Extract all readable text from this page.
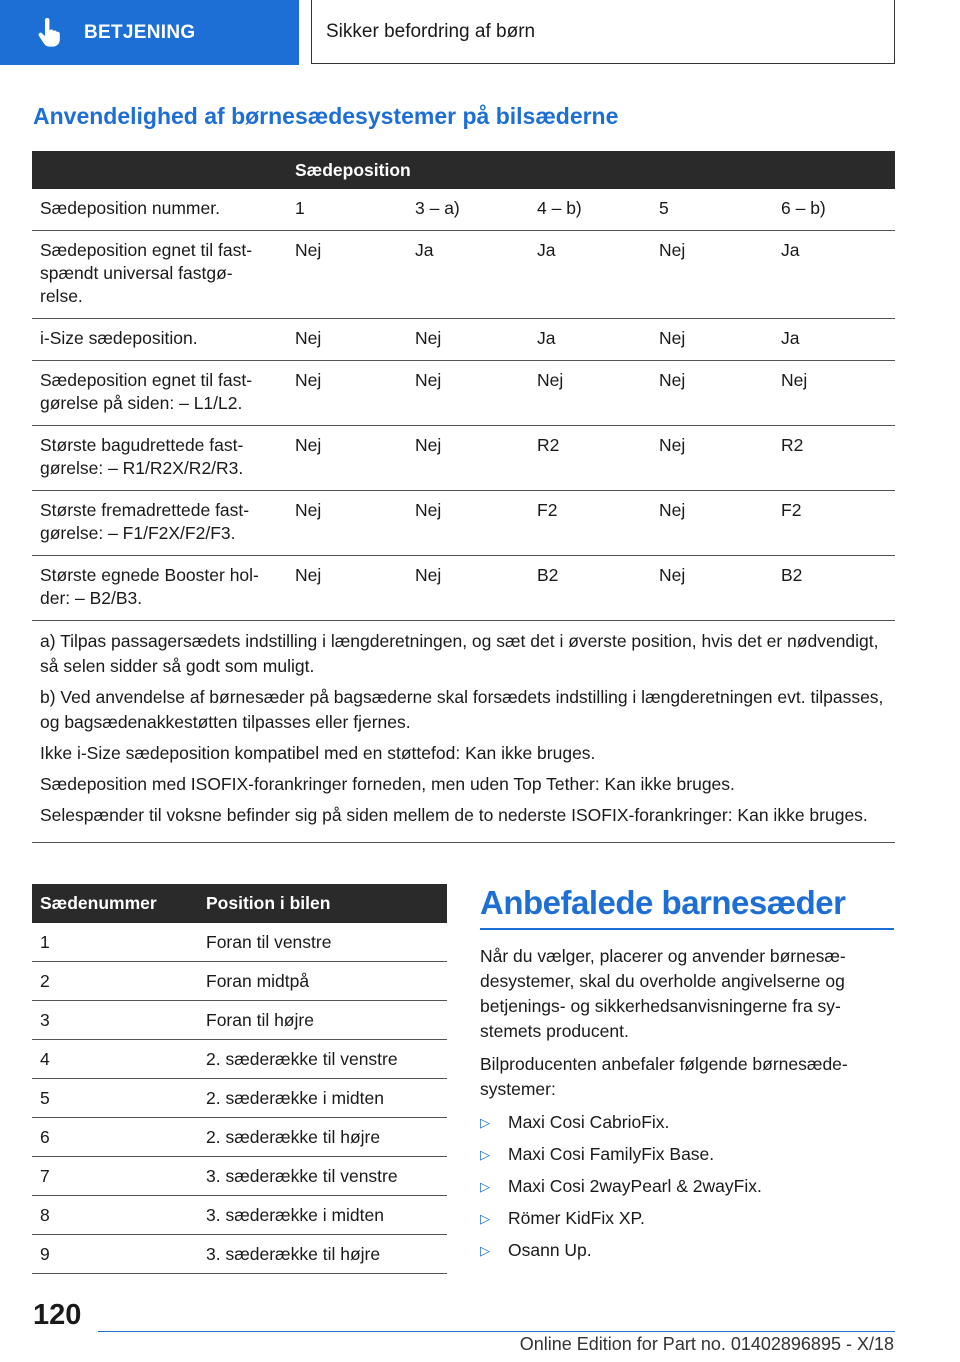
BETJENING	Sikker befordring af børn
Anvendelighed af børnesædesystemer på bilsæderne
	Sædeposition				
Sædeposition nummer.	1	3 – a)	4 – b)	5	6 – b)
Sædeposition egnet til fast-spændt universal fastgø-relse.	Nej	Ja	Ja	Nej	Ja
i-Size sædeposition.	Nej	Nej	Ja	Nej	Ja
Sædeposition egnet til fast-gørelse på siden: – L1/L2.	Nej	Nej	Nej	Nej	Nej
Største bagudrettede fast-gørelse: – R1/R2X/R2/R3.	Nej	Nej	R2	Nej	R2
Største fremadrettede fast-gørelse: – F1/F2X/F2/F3.	Nej	Nej	F2	Nej	F2
Største egnede Booster hol-der: – B2/B3.	Nej	Nej	B2	Nej	B2

a) Tilpas passagersædets indstilling i længderetningen, og sæt det i øverste position, hvis det er nødvendigt, så selen sidder så godt som muligt.

b) Ved anvendelse af børnesæder på bagsæderne skal forsædets indstilling i længderetningen evt. tilpasses, og bagsædenakkestøtten tilpasses eller fjernes.

Ikke i-Size sædeposition kompatibel med en støttefod: Kan ikke bruges.

Sædeposition med ISOFIX-forankringer forneden, men uden Top Tether: Kan ikke bruges.

Selespænder til voksne befinder sig på siden mellem de to nederste ISOFIX-forankringer: Kan ikke bruges.					

Sædenummer	Position i bilen
1	Foran til venstre
2	Foran midtpå
3	Foran til højre
4	2. sæderække til venstre
5	2. sæderække i midten
6	2. sæderække til højre
7	3. sæderække til venstre
8	3. sæderække i midten
9	3. sæderække til højre
Anbefalede barnesæder

Når du vælger, placerer og anvender børnesæ-desystemer, skal du overholde angivelserne og betjenings- og sikkerhedsanvisningerne fra sy-stemets producent.

Bilproducenten anbefaler følgende børnesæde-systemer:

▷	Maxi Cosi CabrioFix.
▷	Maxi Cosi FamilyFix Base.
▷	Maxi Cosi 2wayPearl & 2wayFix.
▷	Römer KidFix XP.
▷	Osann Up.
120
Online Edition for Part no. 01402896895 - X/18
